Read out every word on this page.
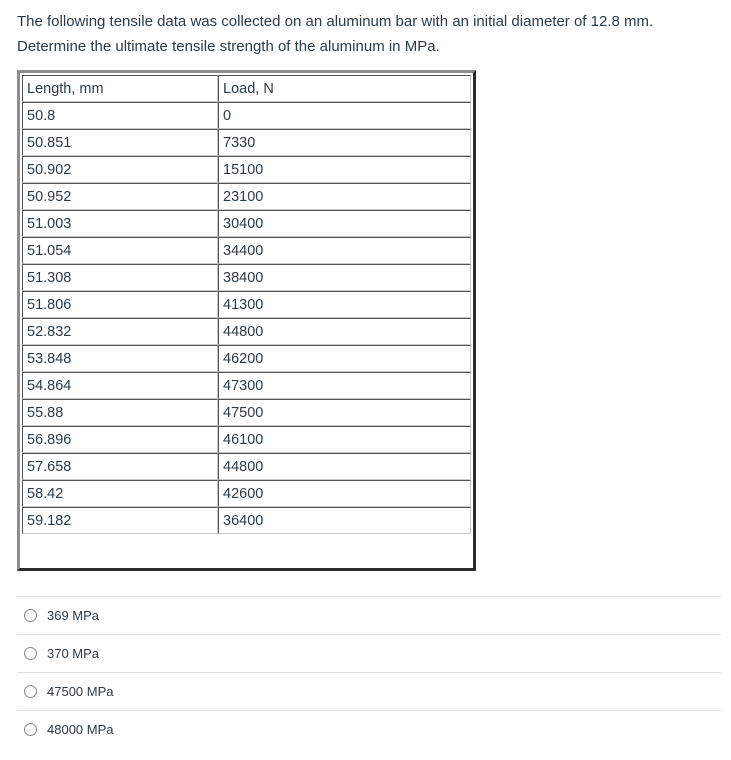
The following tensile data was collected on an aluminum bar with an initial diameter of 12.8 mm.

Determine the ultimate tensile strength of the aluminum in MPa.

Length, mm	Load, N
50.8	0
50.851	7330
50.902	15100
50.952	23100
51.003	30400
51.054	34400
51.308	38400
51.806	41300
52.832	44800
53.848	46200
54.864	47300
55.88	47500
56.896	46100
57.658	44800
58.42	42600
59.182	36400
369 MPa
370 MPa
47500 MPa
48000 MPa
